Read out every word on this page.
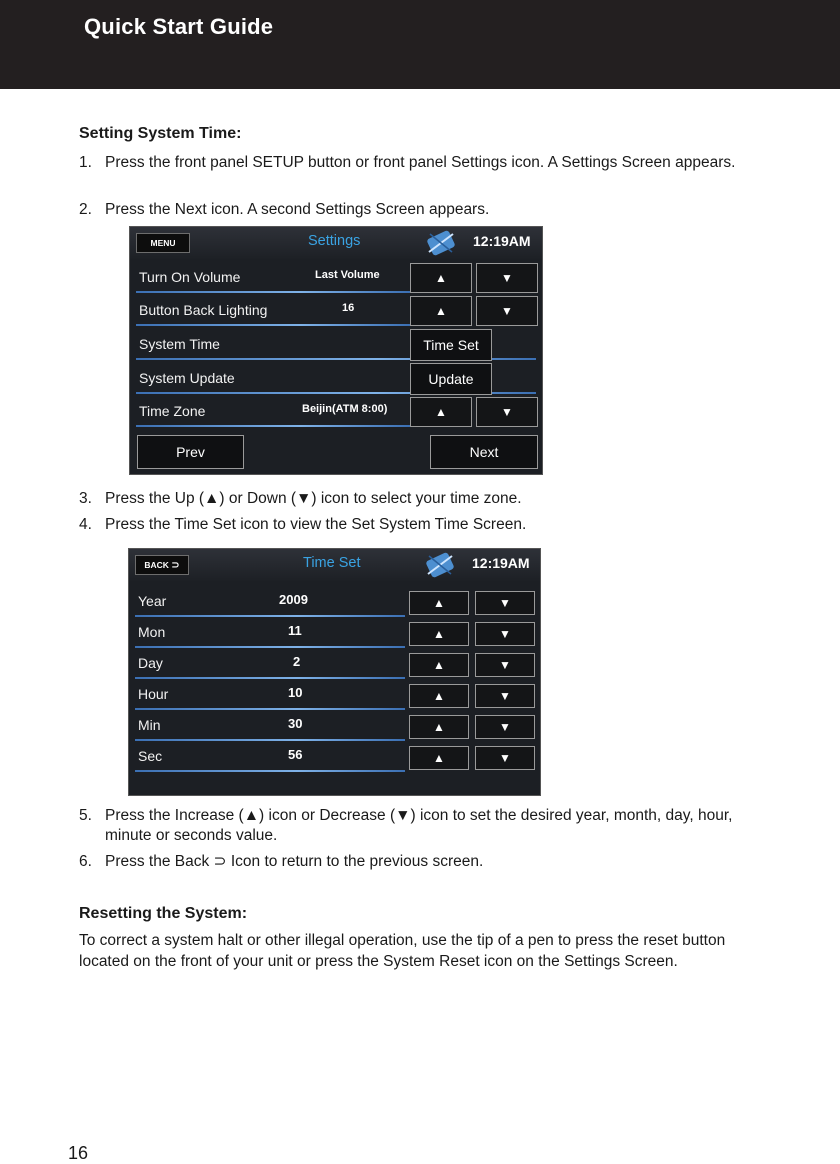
Quick Start Guide
Setting System Time:
1. Press the front panel SETUP button or front panel Settings icon. A Settings Screen appears.
2. Press the Next icon. A second Settings Screen appears.
MENU	Settings	12:19AM
Turn On Volume	Last Volume	▲	▼
Button Back Lighting	16	▲	▼
System Time	Time Set
System Update	Update
Time Zone	Beijin(ATM 8:00)	▲	▼
Prev	Next
3. Press the Up (▲) or Down (▼) icon to select your time zone.
4. Press the Time Set icon to view the Set System Time Screen.
BACK ⊃	Time Set	12:19AM
Year	2009	▲	▼
Mon	11	▲	▼
Day	2	▲	▼
Hour	10	▲	▼
Min	30	▲	▼
Sec	56	▲	▼
5. Press the Increase (▲) icon or Decrease (▼) icon to set the desired year, month, day, hour, minute or seconds value.
6. Press the Back ⊃ Icon to return to the previous screen.
Resetting the System:
To correct a system halt or other illegal operation, use the tip of a pen to press the reset button located on the front of your unit or press the System Reset icon on the Settings Screen.
16
